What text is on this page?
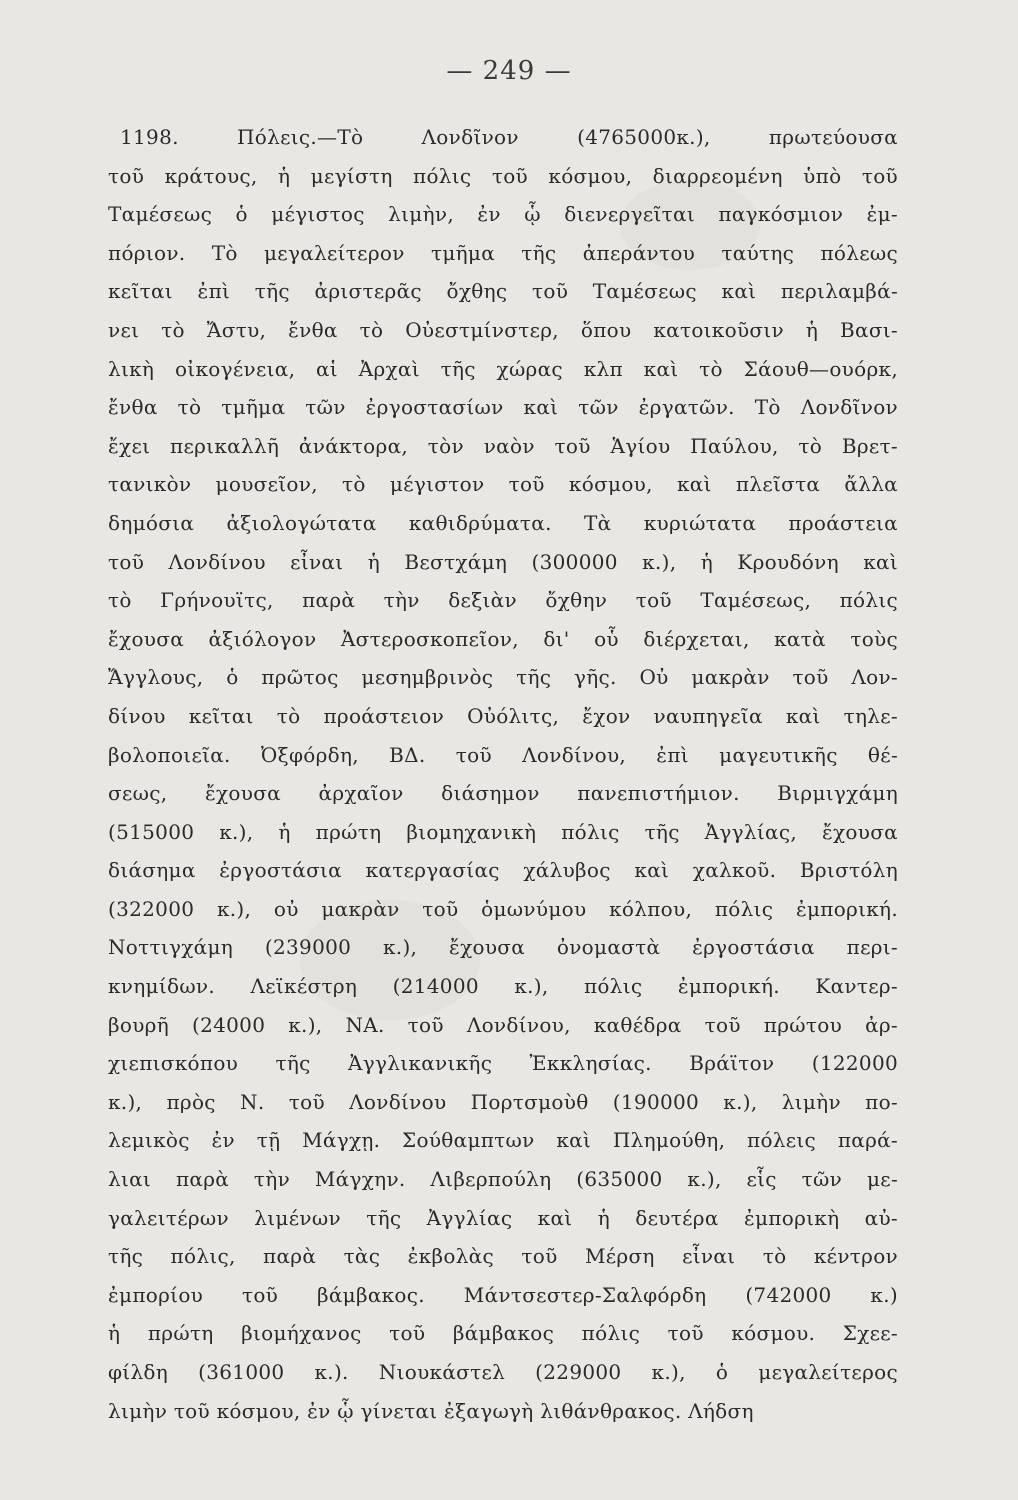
— 249 —
1198. Πόλεις.—Τὸ Λονδῖνον (4765000κ.), πρωτεύουσα
τοῦ κράτους, ἡ μεγίστη πόλις τοῦ κόσμου, διαρρεομένη ὑπὸ τοῦ
Ταμέσεως ὁ μέγιστος λιμὴν, ἐν ᾧ διενεργεῖται παγκόσμιον ἐμ-
πόριον. Τὸ μεγαλείτερον τμῆμα τῆς ἀπεράντου ταύτης πόλεως
κεῖται ἐπὶ τῆς ἀριστερᾶς ὄχθης τοῦ Ταμέσεως καὶ περιλαμβά-
νει τὸ Ἄστυ, ἔνθα τὸ Οὐεστμίνστερ, ὅπου κατοικοῦσιν ἡ Βασι-
λικὴ οἰκογένεια, αἱ Ἀρχαὶ τῆς χώρας κλπ καὶ τὸ Σάουθ—ουόρκ,
ἔνθα τὸ τμῆμα τῶν ἐργοστασίων καὶ τῶν ἐργατῶν. Τὸ Λονδῖνον
ἔχει περικαλλῆ ἀνάκτορα, τὸν ναὸν τοῦ Ἁγίου Παύλου, τὸ Βρετ-
τανικὸν μουσεῖον, τὸ μέγιστον τοῦ κόσμου, καὶ πλεῖστα ἄλλα
δημόσια ἀξιολογώτατα καθιδρύματα. Τὰ κυριώτατα προάστεια
τοῦ Λονδίνου εἶναι ἡ Βεστχάμη (300000 κ.), ἡ Κρουδόνη καὶ
τὸ Γρήνουϊτς, παρὰ τὴν δεξιὰν ὄχθην τοῦ Ταμέσεως, πόλις
ἔχουσα ἀξιόλογον Ἀστεροσκοπεῖον, δι' οὗ διέρχεται, κατὰ τοὺς
Ἄγγλους, ὁ πρῶτος μεσημβρινὸς τῆς γῆς. Οὐ μακρὰν τοῦ Λον-
δίνου κεῖται τὸ προάστειον Οὐόλιτς, ἔχον ναυπηγεῖα καὶ τηλε-
βολοποιεῖα. Ὀξφόρδη, ΒΔ. τοῦ Λονδίνου, ἐπὶ μαγευτικῆς θέ-
σεως, ἔχουσα ἀρχαῖον διάσημον πανεπιστήμιον. Βιρμιγχάμη
(515000 κ.), ἡ πρώτη βιομηχανικὴ πόλις τῆς Ἀγγλίας, ἔχουσα
διάσημα ἐργοστάσια κατεργασίας χάλυβος καὶ χαλκοῦ. Βριστόλη
(322000 κ.), οὐ μακρὰν τοῦ ὁμωνύμου κόλπου, πόλις ἐμπορική.
Νοττιγχάμη (239000 κ.), ἔχουσα ὀνομαστὰ ἐργοστάσια περι-
κνημίδων. Λεϊκέστρη (214000 κ.), πόλις ἐμπορική. Καντερ-
βουρῆ (24000 κ.), ΝΑ. τοῦ Λονδίνου, καθέδρα τοῦ πρώτου ἀρ-
χιεπισκόπου τῆς Ἀγγλικανικῆς Ἐκκλησίας. Βράϊτον (122000
κ.), πρὸς Ν. τοῦ Λονδίνου Πορτσμοὺθ (190000 κ.), λιμὴν πο-
λεμικὸς ἐν τῇ Μάγχῃ. Σούθαμπτων καὶ Πλημούθη, πόλεις παρά-
λιαι παρὰ τὴν Μάγχην. Λιβερπούλη (635000 κ.), εἷς τῶν με-
γαλειτέρων λιμένων τῆς Ἀγγλίας καὶ ἡ δευτέρα ἐμπορικὴ αὐ-
τῆς πόλις, παρὰ τὰς ἐκβολὰς τοῦ Μέρση εἶναι τὸ κέντρον
ἐμπορίου τοῦ βάμβακος. Μάντσεστερ-Σαλφόρδη (742000 κ.)
ἡ πρώτη βιομήχανος τοῦ βάμβακος πόλις τοῦ κόσμου. Σχεε-
φίλδη (361000 κ.). Νιουκάστελ (229000 κ.), ὁ μεγαλείτερος
λιμὴν τοῦ κόσμου, ἐν ᾧ γίνεται ἐξαγωγὴ λιθάνθρακος. Λήδση
